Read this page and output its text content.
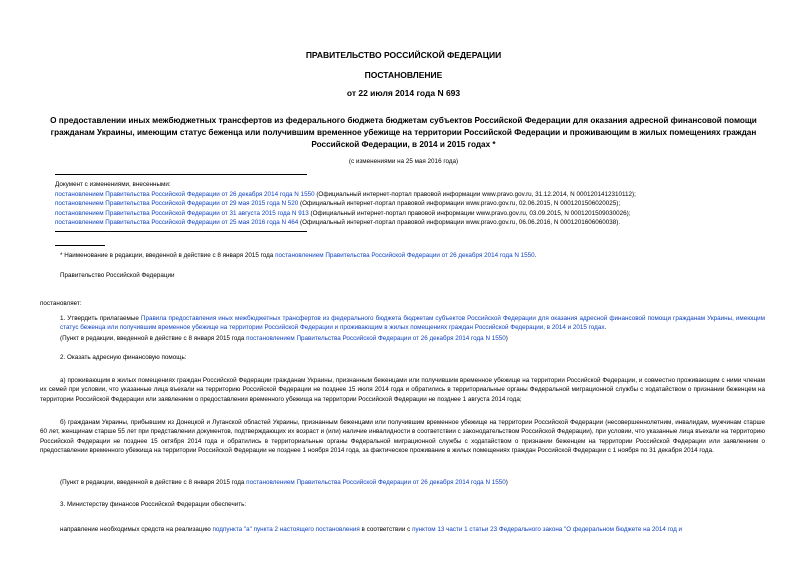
ПРАВИТЕЛЬСТВО РОССИЙСКОЙ ФЕДЕРАЦИИ
ПОСТАНОВЛЕНИЕ
от 22 июля 2014 года N 693
О предоставлении иных межбюджетных трансфертов из федерального бюджета бюджетам субъектов Российской Федерации для оказания адресной финансовой помощи гражданам Украины, имеющим статус беженца или получившим временное убежище на территории Российской Федерации и проживающим в жилых помещениях граждан Российской Федерации, в 2014 и 2015 годах *
(с изменениями на 25 мая 2016 года)
Документ с изменениями, внесенными:
постановлением Правительства Российской Федерации от 26 декабря 2014 года N 1550 (Официальный интернет-портал правовой информации www.pravo.gov.ru, 31.12.2014, N 0001201412310112);
постановлением Правительства Российской Федерации от 29 мая 2015 года N 520 (Официальный интернет-портал правовой информации www.pravo.gov.ru, 02.06.2015, N 0001201506020025);
постановлением Правительства Российской Федерации от 31 августа 2015 года N 913 (Официальный интернет-портал правовой информации www.pravo.gov.ru, 03.09.2015, N 0001201509030026);
постановлением Правительства Российской Федерации от 25 мая 2016 года N 464 (Официальный интернет-портал правовой информации www.pravo.gov.ru, 06.06.2016, N 0001201606060038).
* Наименование в редакции, введенной в действие с 8 января 2015 года постановлением Правительства Российской Федерации от 26 декабря 2014 года N 1550.
Правительство Российской Федерации
постановляет:
1. Утвердить прилагаемые Правила предоставления иных межбюджетных трансфертов из федерального бюджета бюджетам субъектов Российской Федерации для оказания адресной финансовой помощи гражданам Украины, имеющим статус беженца или получившим временное убежище на территории Российской Федерации и проживающим в жилых помещениях граждан Российской Федерации, в 2014 и 2015 годах.
(Пункт в редакции, введенной в действие с 8 января 2015 года постановлением Правительства Российской Федерации от 26 декабря 2014 года N 1550)
2. Оказать адресную финансовую помощь:
а) проживающим в жилых помещениях граждан Российской Федерации гражданам Украины, признанным беженцами или получившим временное убежище на территории Российской Федерации, и совместно проживающим с ними членам их семей при условии, что указанные лица въехали на территорию Российской Федерации не позднее 15 июля 2014 года и обратились в территориальные органы Федеральной миграционной службы с ходатайством о признании беженцем на территории Российской Федерации или заявлением о предоставлении временного убежища на территории Российской Федерации не позднее 1 августа 2014 года;
б) гражданам Украины, прибывшим из Донецкой и Луганской областей Украины, признанным беженцами или получившим временное убежище на территории Российской Федерации (несовершеннолетним, инвалидам, мужчинам старше 60 лет, женщинам старше 55 лет при представлении документов, подтверждающих их возраст и (или) наличие инвалидности в соответствии с законодательством Российской Федерации), при условии, что указанные лица въехали на территорию Российской Федерации не позднее 15 октября 2014 года и обратились в территориальные органы Федеральной миграционной службы с ходатайством о признании беженцем на территории Российской Федерации или заявлением о предоставлении временного убежища на территории Российской Федерации не позднее 1 ноября 2014 года, за фактическое проживание в жилых помещениях граждан Российской Федерации с 1 ноября по 31 декабря 2014 года.
(Пункт в редакции, введенной в действие с 8 января 2015 года постановлением Правительства Российской Федерации от 26 декабря 2014 года N 1550)
3. Министерству финансов Российской Федерации обеспечить:
направление необходимых средств на реализацию подпункта "а" пункта 2 настоящего постановления в соответствии с пунктом 13 части 1 статьи 23 Федерального закона "О федеральном бюджете на 2014 год и
